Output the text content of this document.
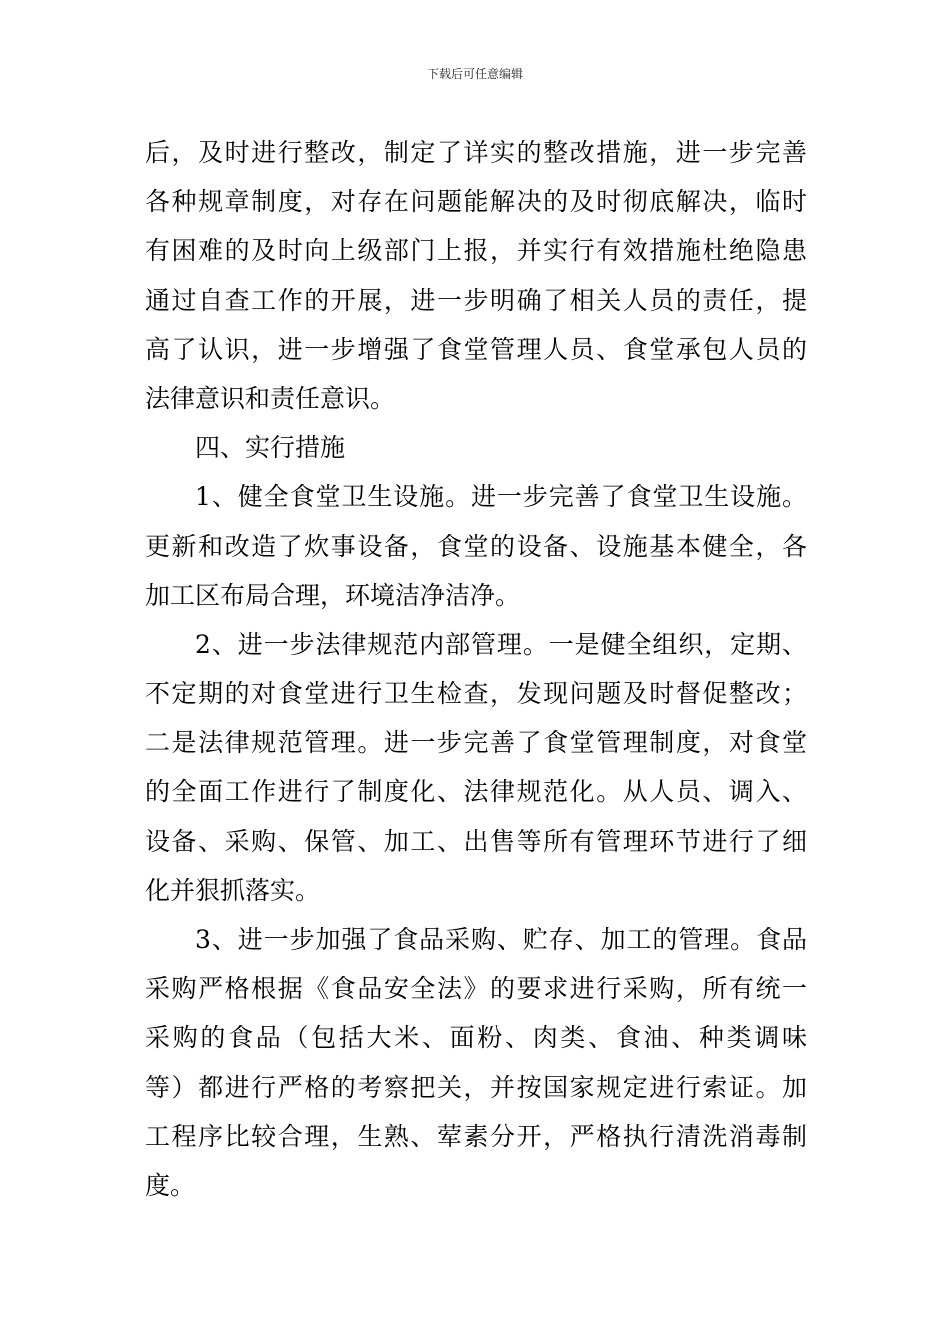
下载后可任意编辑
后，及时进行整改，制定了详实的整改措施，进一步完善
各种规章制度，对存在问题能解决的及时彻底解决，临时
有困难的及时向上级部门上报，并实行有效措施杜绝隐患
通过自查工作的开展，进一步明确了相关人员的责任，提
高了认识，进一步增强了食堂管理人员、食堂承包人员的
法律意识和责任意识。
四、实行措施
1、健全食堂卫生设施。进一步完善了食堂卫生设施。
更新和改造了炊事设备，食堂的设备、设施基本健全，各
加工区布局合理，环境洁净洁净。
2、进一步法律规范内部管理。一是健全组织，定期、
不定期的对食堂进行卫生检查，发现问题及时督促整改；
二是法律规范管理。进一步完善了食堂管理制度，对食堂
的全面工作进行了制度化、法律规范化。从人员、调入、
设备、采购、保管、加工、出售等所有管理环节进行了细
化并狠抓落实。
3、进一步加强了食品采购、贮存、加工的管理。食品
采购严格根据《食品安全法》的要求进行采购，所有统一
采购的食品（包括大米、面粉、肉类、食油、种类调味
等）都进行严格的考察把关，并按国家规定进行索证。加
工程序比较合理，生熟、荤素分开，严格执行清洗消毒制
度。
